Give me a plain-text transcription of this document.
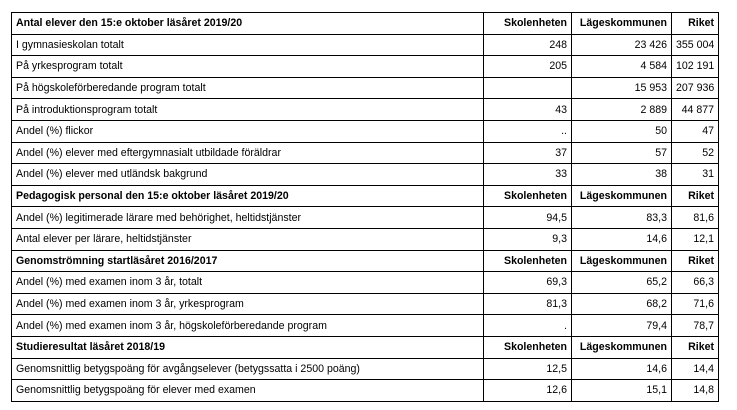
Antal elever den 15:e oktober läsåret 2019/20	Skolenheten	Lägeskommunen	Riket
I gymnasieskolan totalt	248	23 426	355 004
På yrkesprogram totalt	205	4 584	102 191
På högskoleförberedande program totalt		15 953	207 936
På introduktionsprogram totalt	43	2 889	44 877
Andel (%) flickor	..	50	47
Andel (%) elever med eftergymnasialt utbildade föräldrar	37	57	52
Andel (%) elever med utländsk bakgrund	33	38	31
Pedagogisk personal den 15:e oktober läsåret 2019/20	Skolenheten	Lägeskommunen	Riket
Andel (%) legitimerade lärare med behörighet, heltidstjänster	94,5	83,3	81,6
Antal elever per lärare, heltidstjänster	9,3	14,6	12,1
Genomströmning startläsåret 2016/2017	Skolenheten	Lägeskommunen	Riket
Andel (%) med examen inom 3 år, totalt	69,3	65,2	66,3
Andel (%) med examen inom 3 år, yrkesprogram	81,3	68,2	71,6
Andel (%) med examen inom 3 år, högskoleförberedande program	.	79,4	78,7
Studieresultat läsåret 2018/19	Skolenheten	Lägeskommunen	Riket
Genomsnittlig betygspoäng för avgångselever (betygssatta i 2500 poäng)	12,5	14,6	14,4
Genomsnittlig betygspoäng för elever med examen	12,6	15,1	14,8
